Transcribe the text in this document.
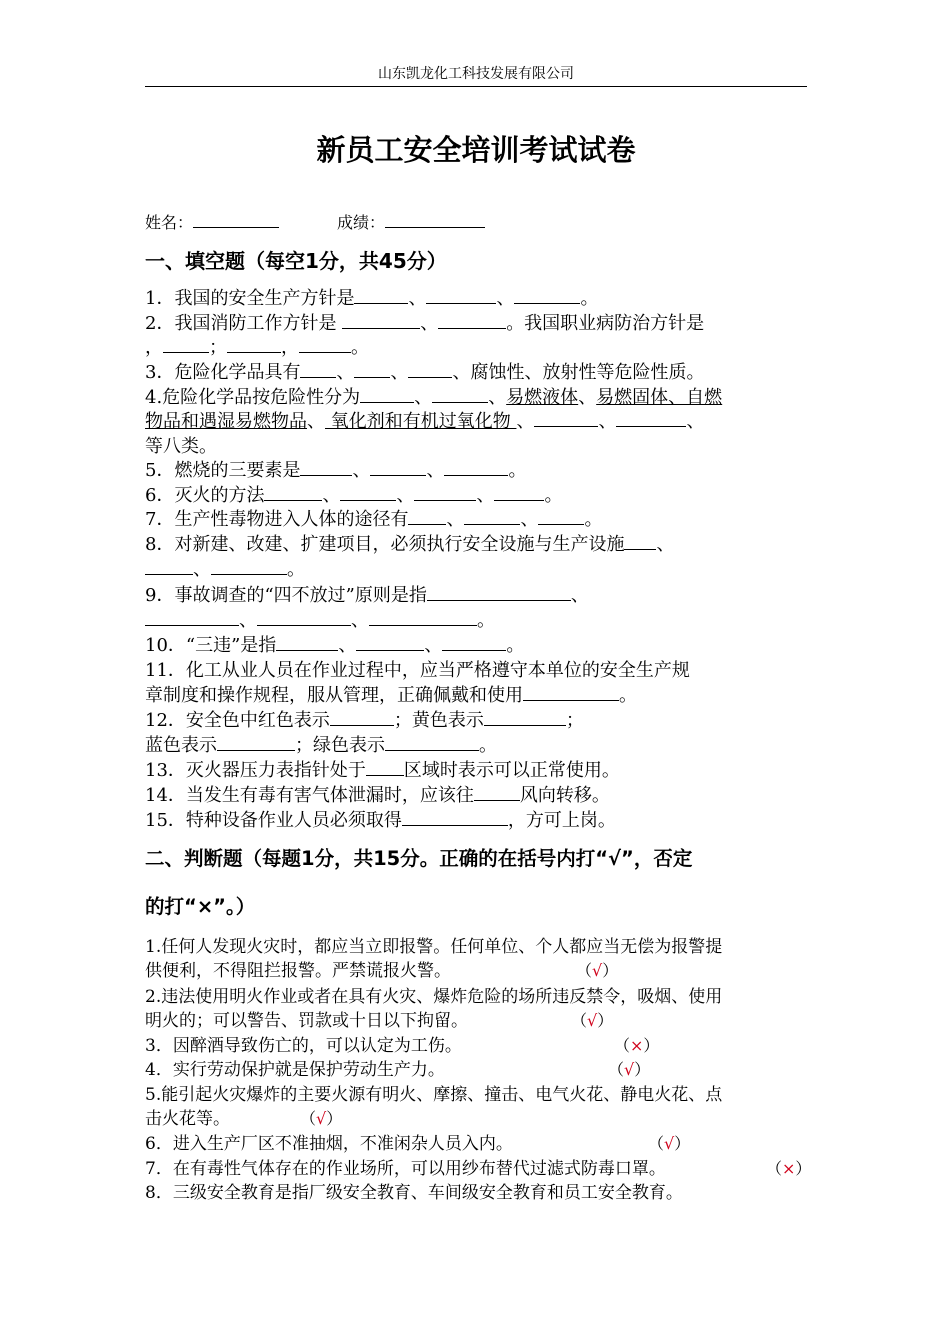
山东凯龙化工科技发展有限公司
新员工安全培训考试试卷
姓名：	成绩：
一、填空题（每空1分，共45分）
1．我国的安全生产方针是	、	、	。
2．我国消防工作方针是	、	。我国职业病防治方针是
，	；	，	。
3．危险化学品具有 、 、 、腐蚀性、放射性等危险性质。
4.危险化学品按危险性分为	、	、易燃液体、易燃固体、自燃
物品和遇湿易燃物品、 氧化剂和有机过氧化物 、	、	、
等八类。
5．燃烧的三要素是	、	、	。
6．灭火的方法	、	、	、	。
7．生产性毒物进入人体的途径有 、	、	。
8．对新建、改建、扩建项目，必须执行安全设施与生产设施 、
、	。
9．事故调查的“四不放过”原则是指	、
、	、	。
10．“三违”是指	、	、	。
11．化工从业人员在作业过程中，应当严格遵守本单位的安全生产规
章制度和操作规程，服从管理，正确佩戴和使用	。
12．安全色中红色表示	；黄色表示	；
蓝色表示	；绿色表示	。
13．灭火器压力表指针处于 区域时表示可以正常使用。
14．当发生有毒有害气体泄漏时，应该往	风向转移。
15．特种设备作业人员必须取得	，方可上岗。
二、判断题（每题1分，共15分。正确的在括号内打“√”，否定
的打“×”。）
1.任何人发现火灾时，都应当立即报警。任何单位、个人都应当无偿为报警提
供便利，不得阻拦报警。严禁谎报火警。	（√）
2.违法使用明火作业或者在具有火灾、爆炸危险的场所违反禁令，吸烟、使用
明火的；可以警告、罚款或十日以下拘留。	（√）
3．因醉酒导致伤亡的，可以认定为工伤。	（×）
4．实行劳动保护就是保护劳动生产力。	（√）
5.能引起火灾爆炸的主要火源有明火、摩擦、撞击、电气火花、静电火花、点
击火花等。	（√）
6．进入生产厂区不准抽烟，不准闲杂人员入内。	（√）
7．在有毒性气体存在的作业场所，可以用纱布替代过滤式防毒口罩。	（×）
8．三级安全教育是指厂级安全教育、车间级安全教育和员工安全教育。
